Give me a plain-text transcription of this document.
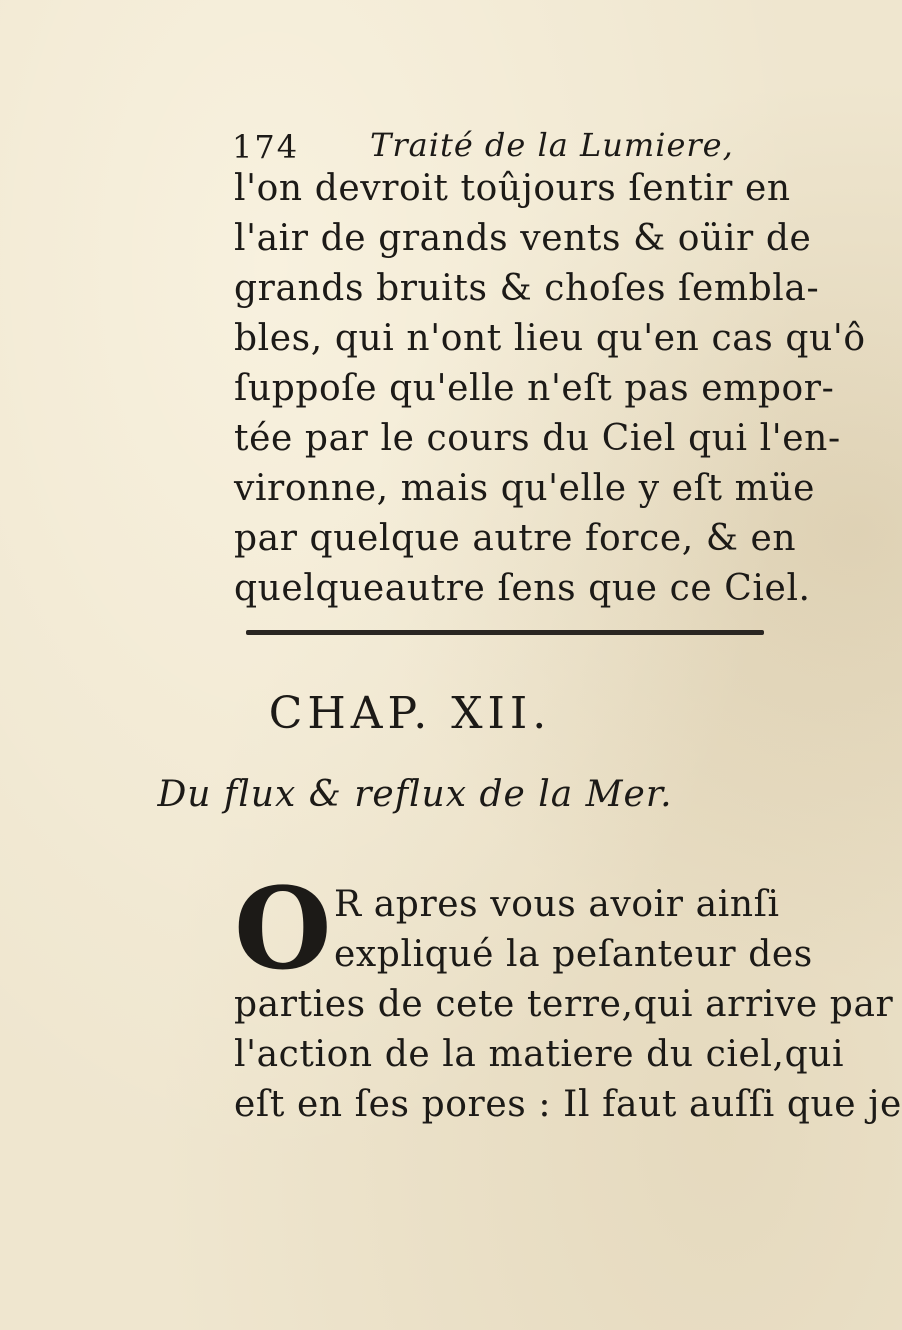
174 Traité de la Lumiere,
l'on devroit toûjours ſentir en
l'air de grands vents & oüir de
grands bruits & choſes ſembla-
bles, qui n'ont lieu qu'en cas qu'ô
ſuppoſe qu'elle n'eſt pas empor-
tée par le cours du Ciel qui l'en-
vironne, mais qu'elle y eſt müe
par quelque autre force, & en
quelqueautre ſens que ce Ciel.
CHAP. XII.
Du flux & reflux de la Mer.
O R apres vous avoir ainſi
expliqué la peſanteur des
parties de cete terre,qui arrive par
l'action de la matiere du ciel,qui
eſt en ſes pores : Il faut auſſi que je
